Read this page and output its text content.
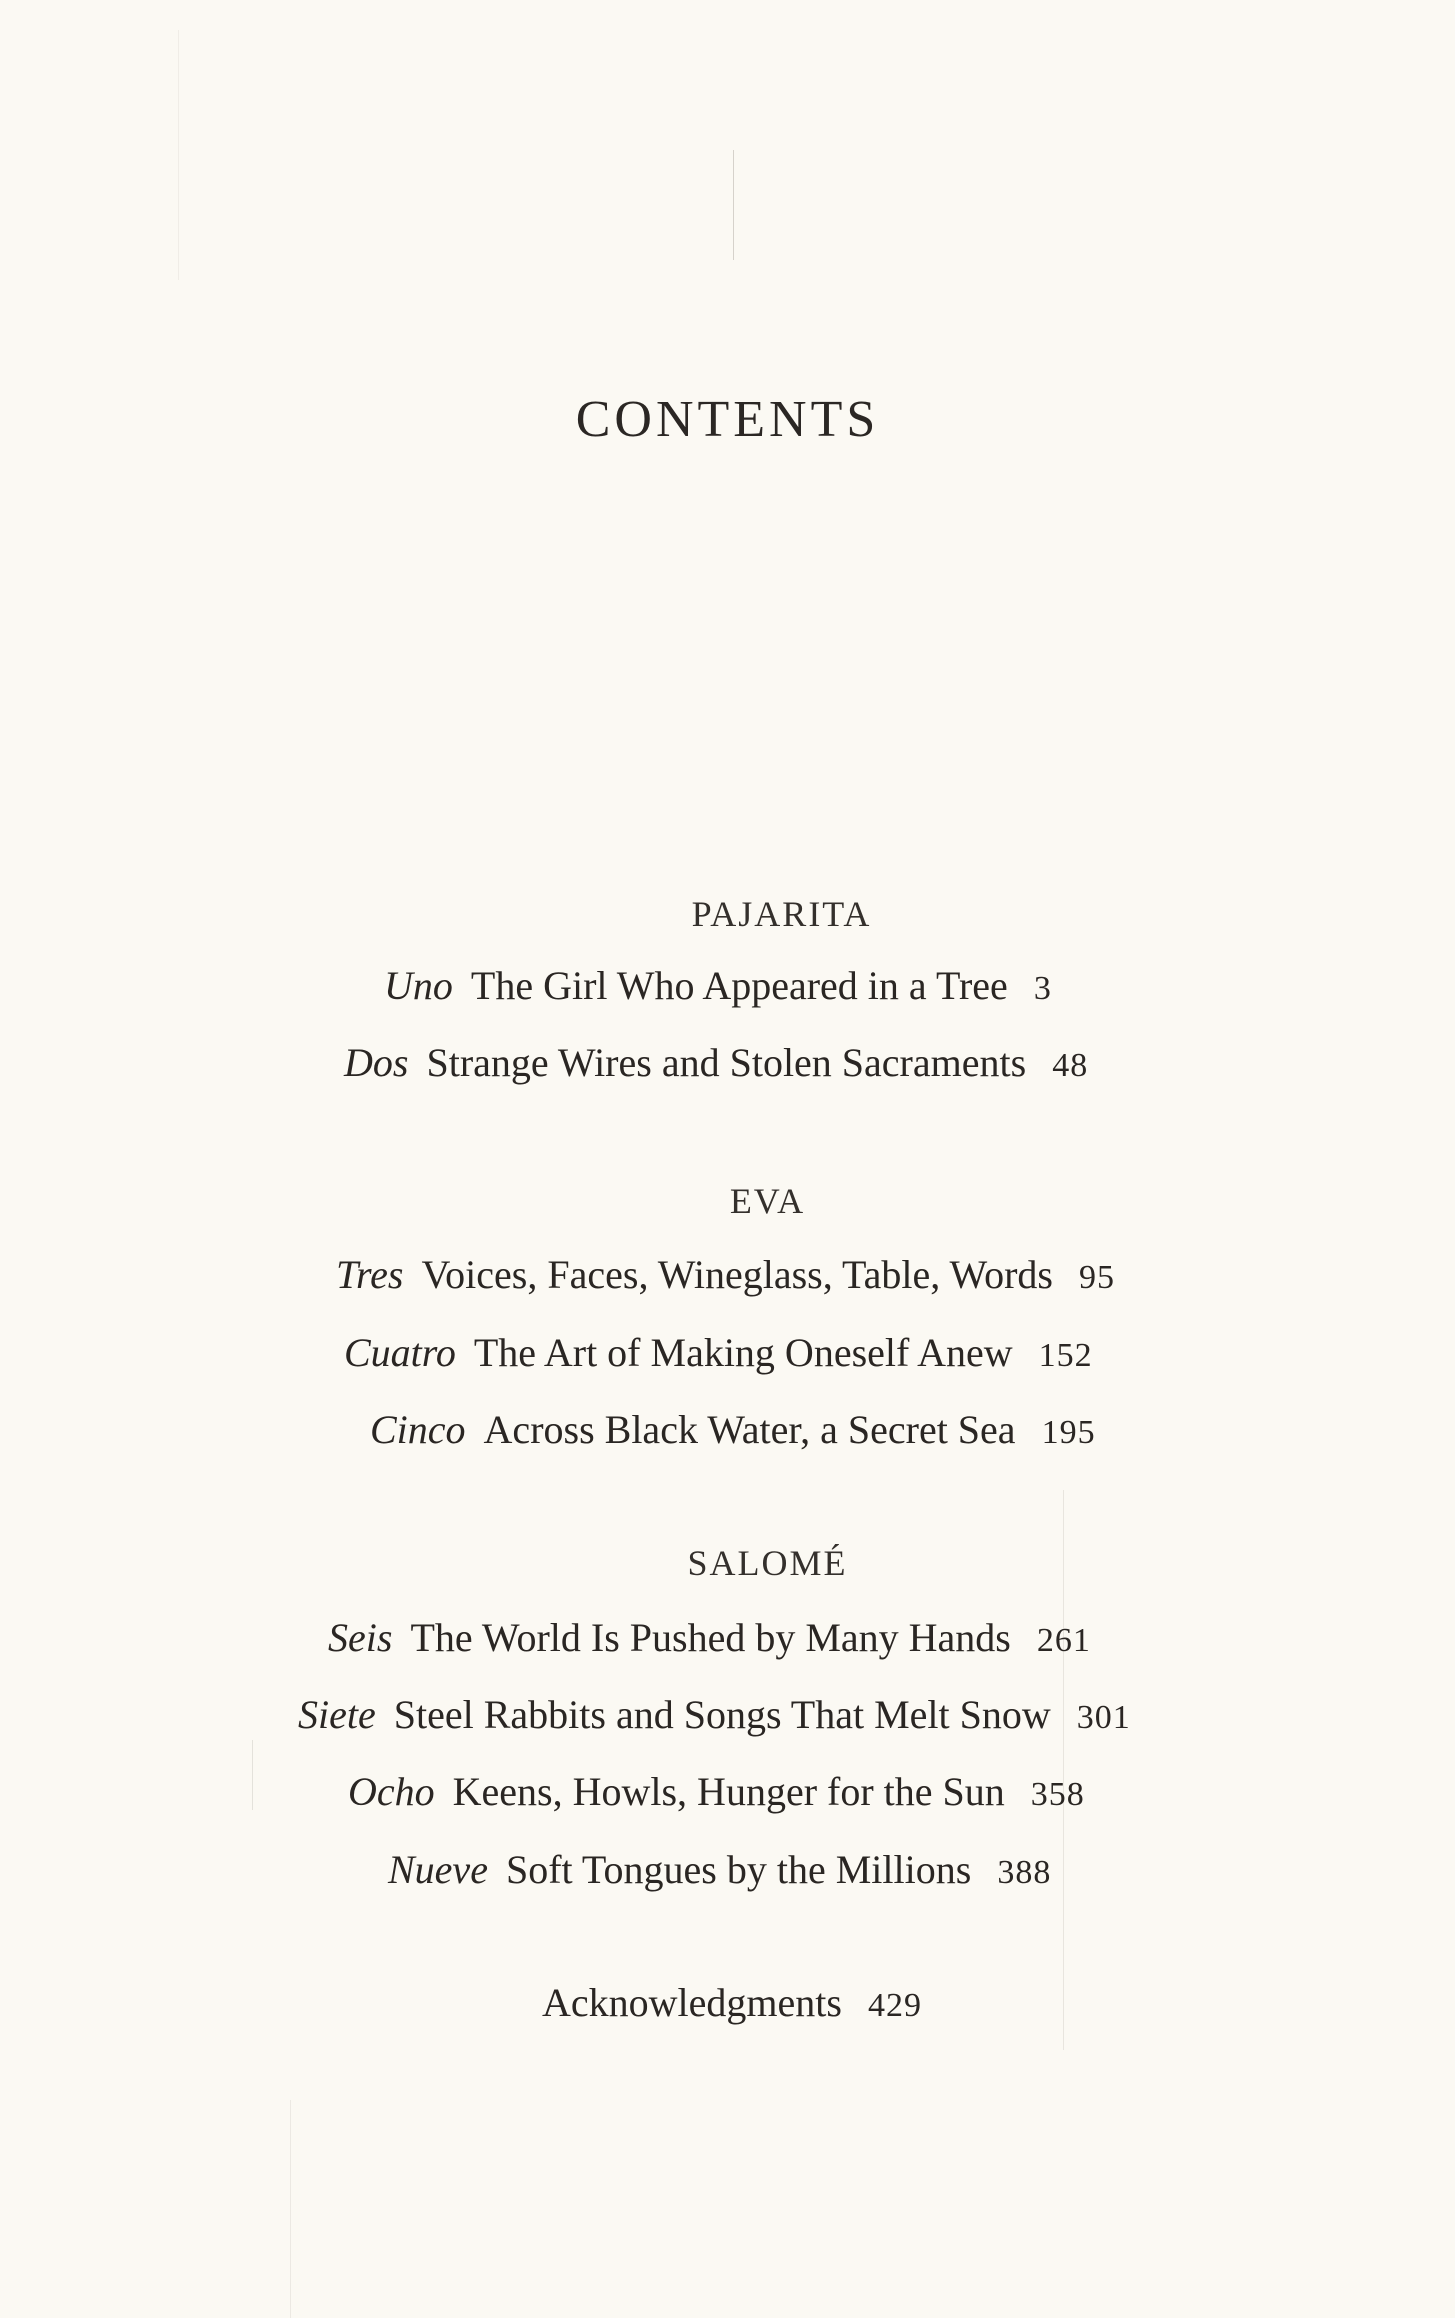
CONTENTS
PAJARITA
Uno The Girl Who Appeared in a Tree 3
Dos Strange Wires and Stolen Sacraments 48
EVA
Tres Voices, Faces, Wineglass, Table, Words 95
Cuatro The Art of Making Oneself Anew 152
Cinco Across Black Water, a Secret Sea 195
SALOMÉ
Seis The World Is Pushed by Many Hands 261
Siete Steel Rabbits and Songs That Melt Snow 301
Ocho Keens, Howls, Hunger for the Sun 358
Nueve Soft Tongues by the Millions 388
Acknowledgments 429
